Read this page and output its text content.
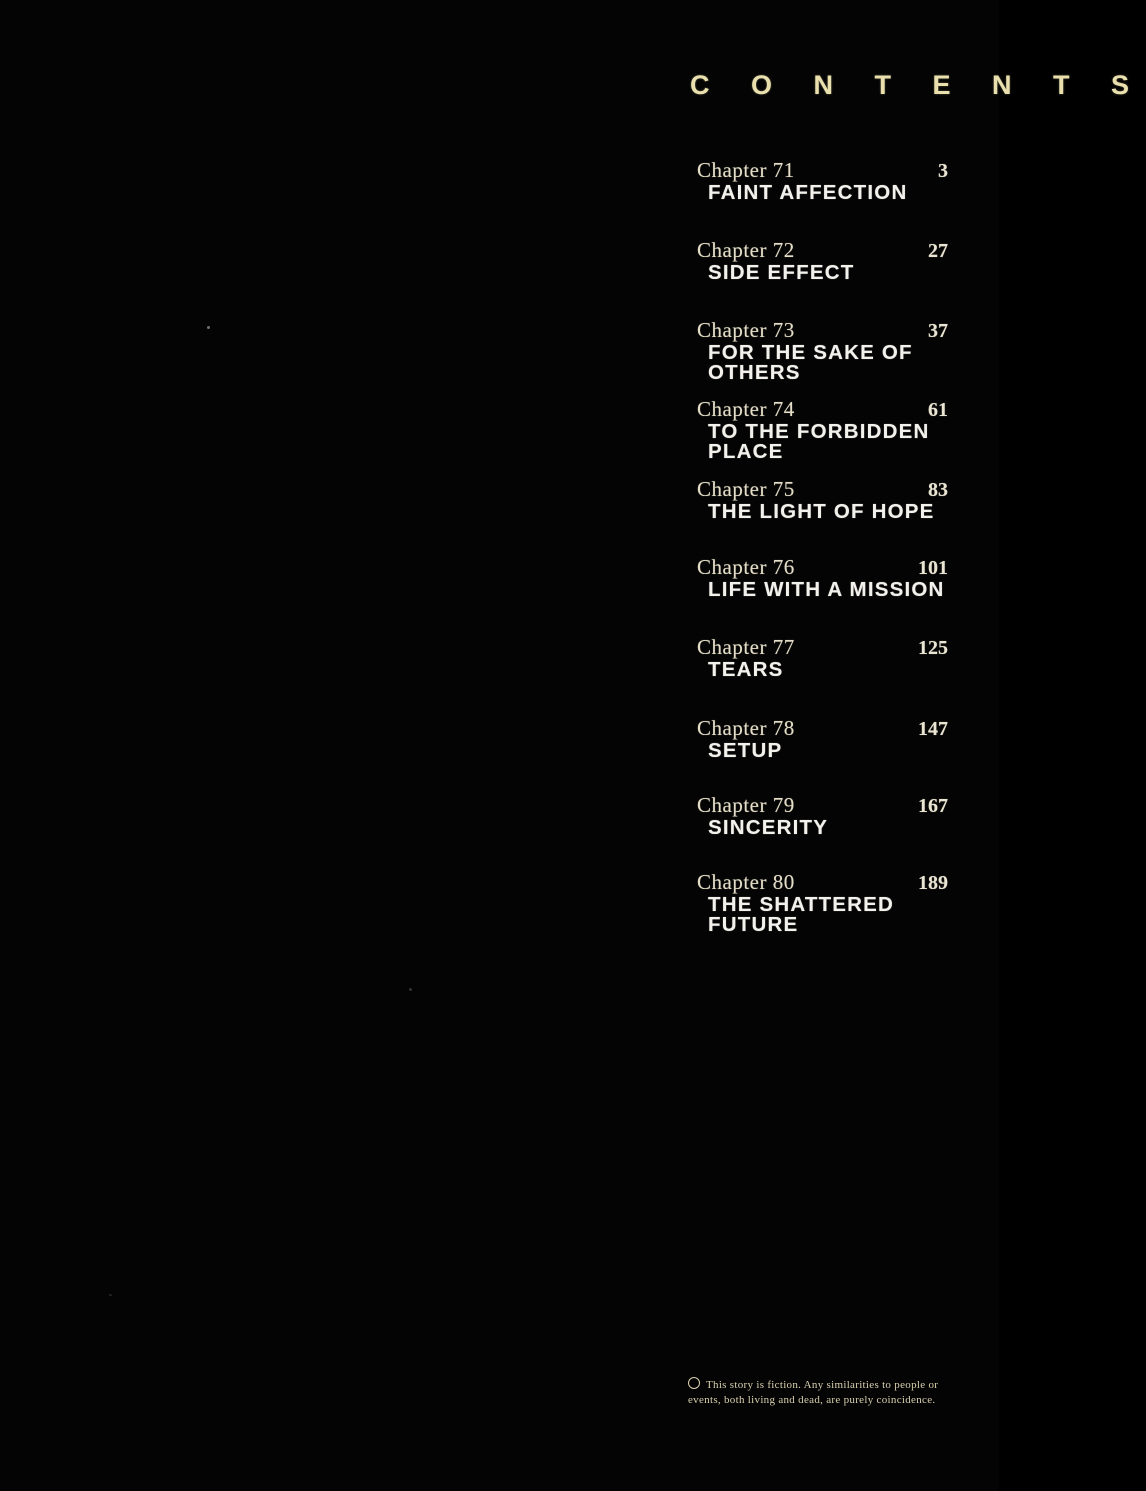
C O N T E N T S
Chapter 71	3
FAINT AFFECTION
Chapter 72	27
SIDE EFFECT
Chapter 73	37
FOR THE SAKE OF
OTHERS
Chapter 74	61
TO THE FORBIDDEN
PLACE
Chapter 75	83
THE LIGHT OF HOPE
Chapter 76	101
LIFE WITH A MISSION
Chapter 77	125
TEARS
Chapter 78	147
SETUP
Chapter 79	167
SINCERITY
Chapter 80	189
THE SHATTERED
FUTURE
This story is fiction. Any similarities to people or
events, both living and dead, are purely coincidence.
